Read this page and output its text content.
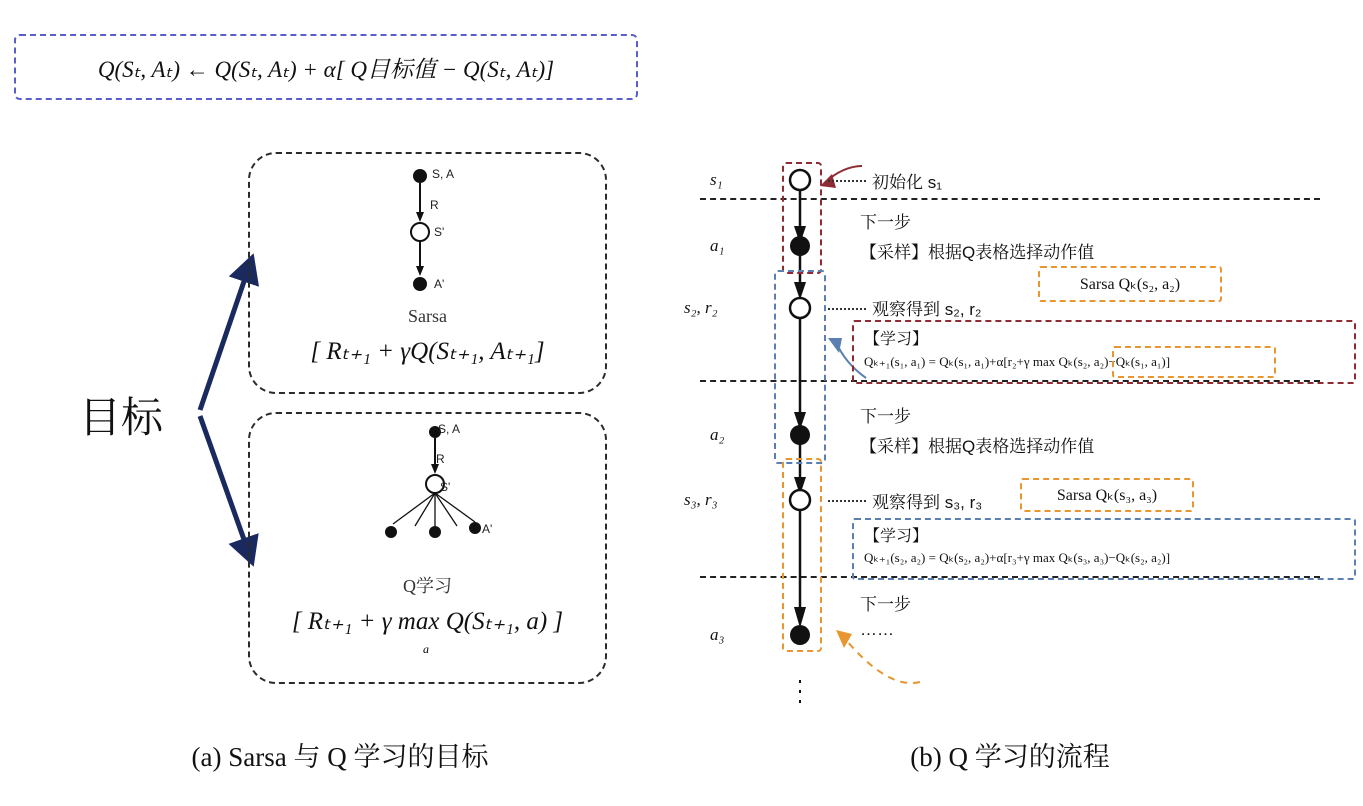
Q(Sₜ, Aₜ) ← Q(Sₜ, Aₜ) + α[ Q目标值 − Q(Sₜ, Aₜ)]
目标
S, A
R
S'
A'
Sarsa
[ Rₜ₊₁ + γQ(Sₜ₊₁, Aₜ₊₁]
S, A
R
S'
A'
Q学习
[ Rₜ₊₁ + γ max Q(Sₜ₊₁, a) ]
a
(a) Sarsa 与 Q 学习的目标	(b) Q 学习的流程
s₁
a₁
s₂, r₂
a₂
s₃, r₃
a₃
初始化 s₁
下一步
【采样】根据Q表格选择动作值
观察得到 s₂, r₂
Sarsa Qₖ(s₂, a₂)
【学习】
Qₖ₊₁(s₁, a₁) = Qₖ(s₁, a₁)+α[r₂+γ max Qₖ(s₂, a₂)−Qₖ(s₁, a₁)]
下一步
【采样】根据Q表格选择动作值
观察得到 s₃, r₃	Sarsa Qₖ(s₃, a₃)
【学习】
Qₖ₊₁(s₂, a₂) = Qₖ(s₂, a₂)+α[r₃+γ max Qₖ(s₃, a₃)−Qₖ(s₂, a₂)]
下一步
……
